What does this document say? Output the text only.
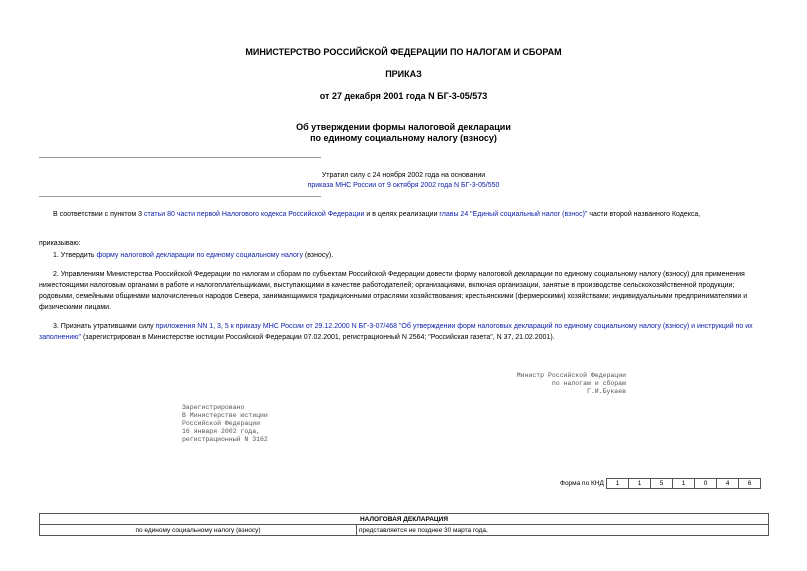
МИНИСТЕРСТВО РОССИЙСКОЙ ФЕДЕРАЦИИ ПО НАЛОГАМ И СБОРАМ
ПРИКАЗ
от 27 декабря 2001 года N БГ-3-05/573
Об утверждении формы налоговой декларации
по единому социальному налогу (взносу)
Утратил силу с 24 ноября 2002 года на основании
приказа МНС России от 9 октября 2002 года N БГ-3-05/550
В соответствии с пунктом 3 статьи 80 части первой Налогового кодекса Российской Федерации и в целях реализации главы 24 "Единый социальный налог (взнос)" части второй названного Кодекса,
приказываю:
1. Утвердить форму налоговой декларации по единому социальному налогу (взносу).
2. Управлениям Министерства Российской Федерации по налогам и сборам по субъектам Российской Федерации довести форму налоговой декларации по единому социальному налогу (взносу) для применения
нижестоящими налоговым органами в работе и налогоплательщиками, выступающими в качестве работодателей; организациями, включая организации, занятые в производстве сельскохозяйственной продукции;
родовыми, семейными общинами малочисленных народов Севера, занимающимися традиционными отраслями хозяйствования; крестьянскими (фермерскими) хозяйствами; индивидуальными предпринимателями и
физическими лицами.
3. Признать утратившими силу приложения NN 1, 3, 5 к приказу МНС России от 29.12.2000 N БГ-3-07/468 "Об утверждении форм налоговых деклараций по единому социальному налогу (взносу) и инструкций по их
заполнению" (зарегистрирован в Министерстве юстиции Российской Федерации 07.02.2001, регистрационный N 2564; "Российская газета", N 37, 21.02.2001).
Министр Российской Федерации
по налогам и сборам
Г.И.Букаев
Зарегистрировано
В Министерстве юстиции
Российской Федерации
16 января 2002 года,
регистрационный N 3162
Форма по КНД 1	1	5	1	0	4	6
НАЛОГОВАЯ ДЕКЛАРАЦИЯ
по единому социальному налогу (взносу)	представляется не позднее 30 марта года,
